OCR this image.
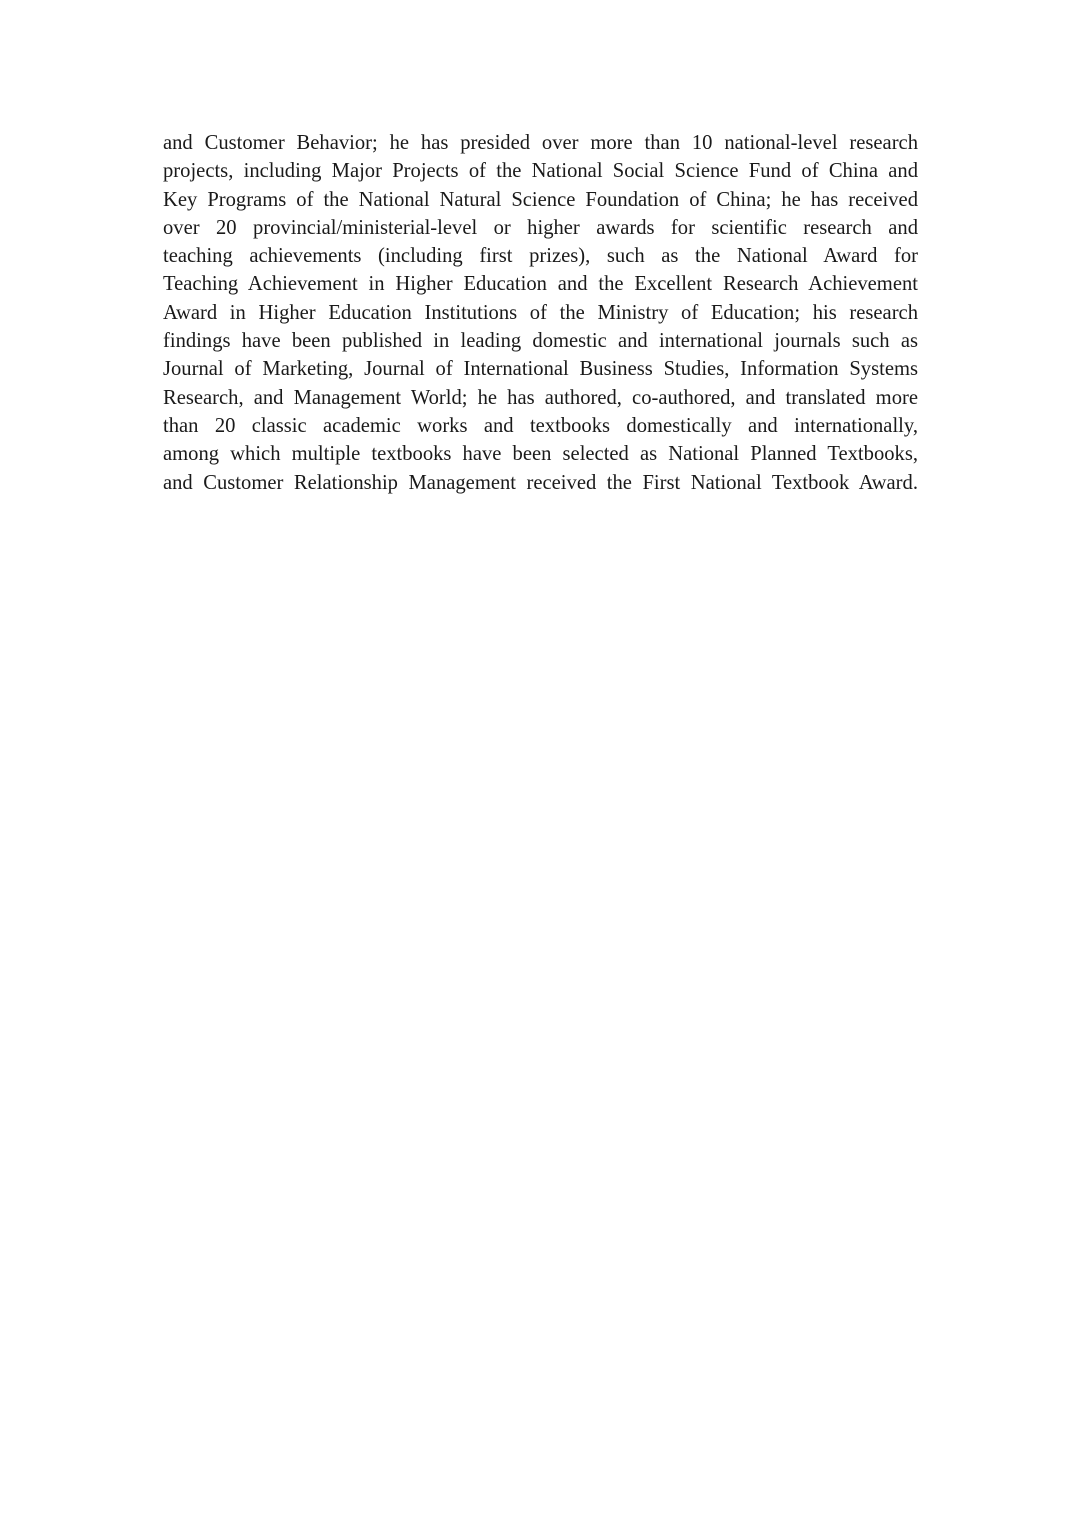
and Customer Behavior; he has presided over more than 10 national-level research
projects, including Major Projects of the National Social Science Fund of China and
Key Programs of the National Natural Science Foundation of China; he has received
over 20 provincial/ministerial-level or higher awards for scientific research and
teaching achievements (including first prizes), such as the National Award for
Teaching Achievement in Higher Education and the Excellent Research Achievement
Award in Higher Education Institutions of the Ministry of Education; his research
findings have been published in leading domestic and international journals such as
Journal of Marketing, Journal of International Business Studies, Information Systems
Research, and Management World; he has authored, co-authored, and translated more
than 20 classic academic works and textbooks domestically and internationally,
among which multiple textbooks have been selected as National Planned Textbooks,
and Customer Relationship Management received the First National Textbook Award.
